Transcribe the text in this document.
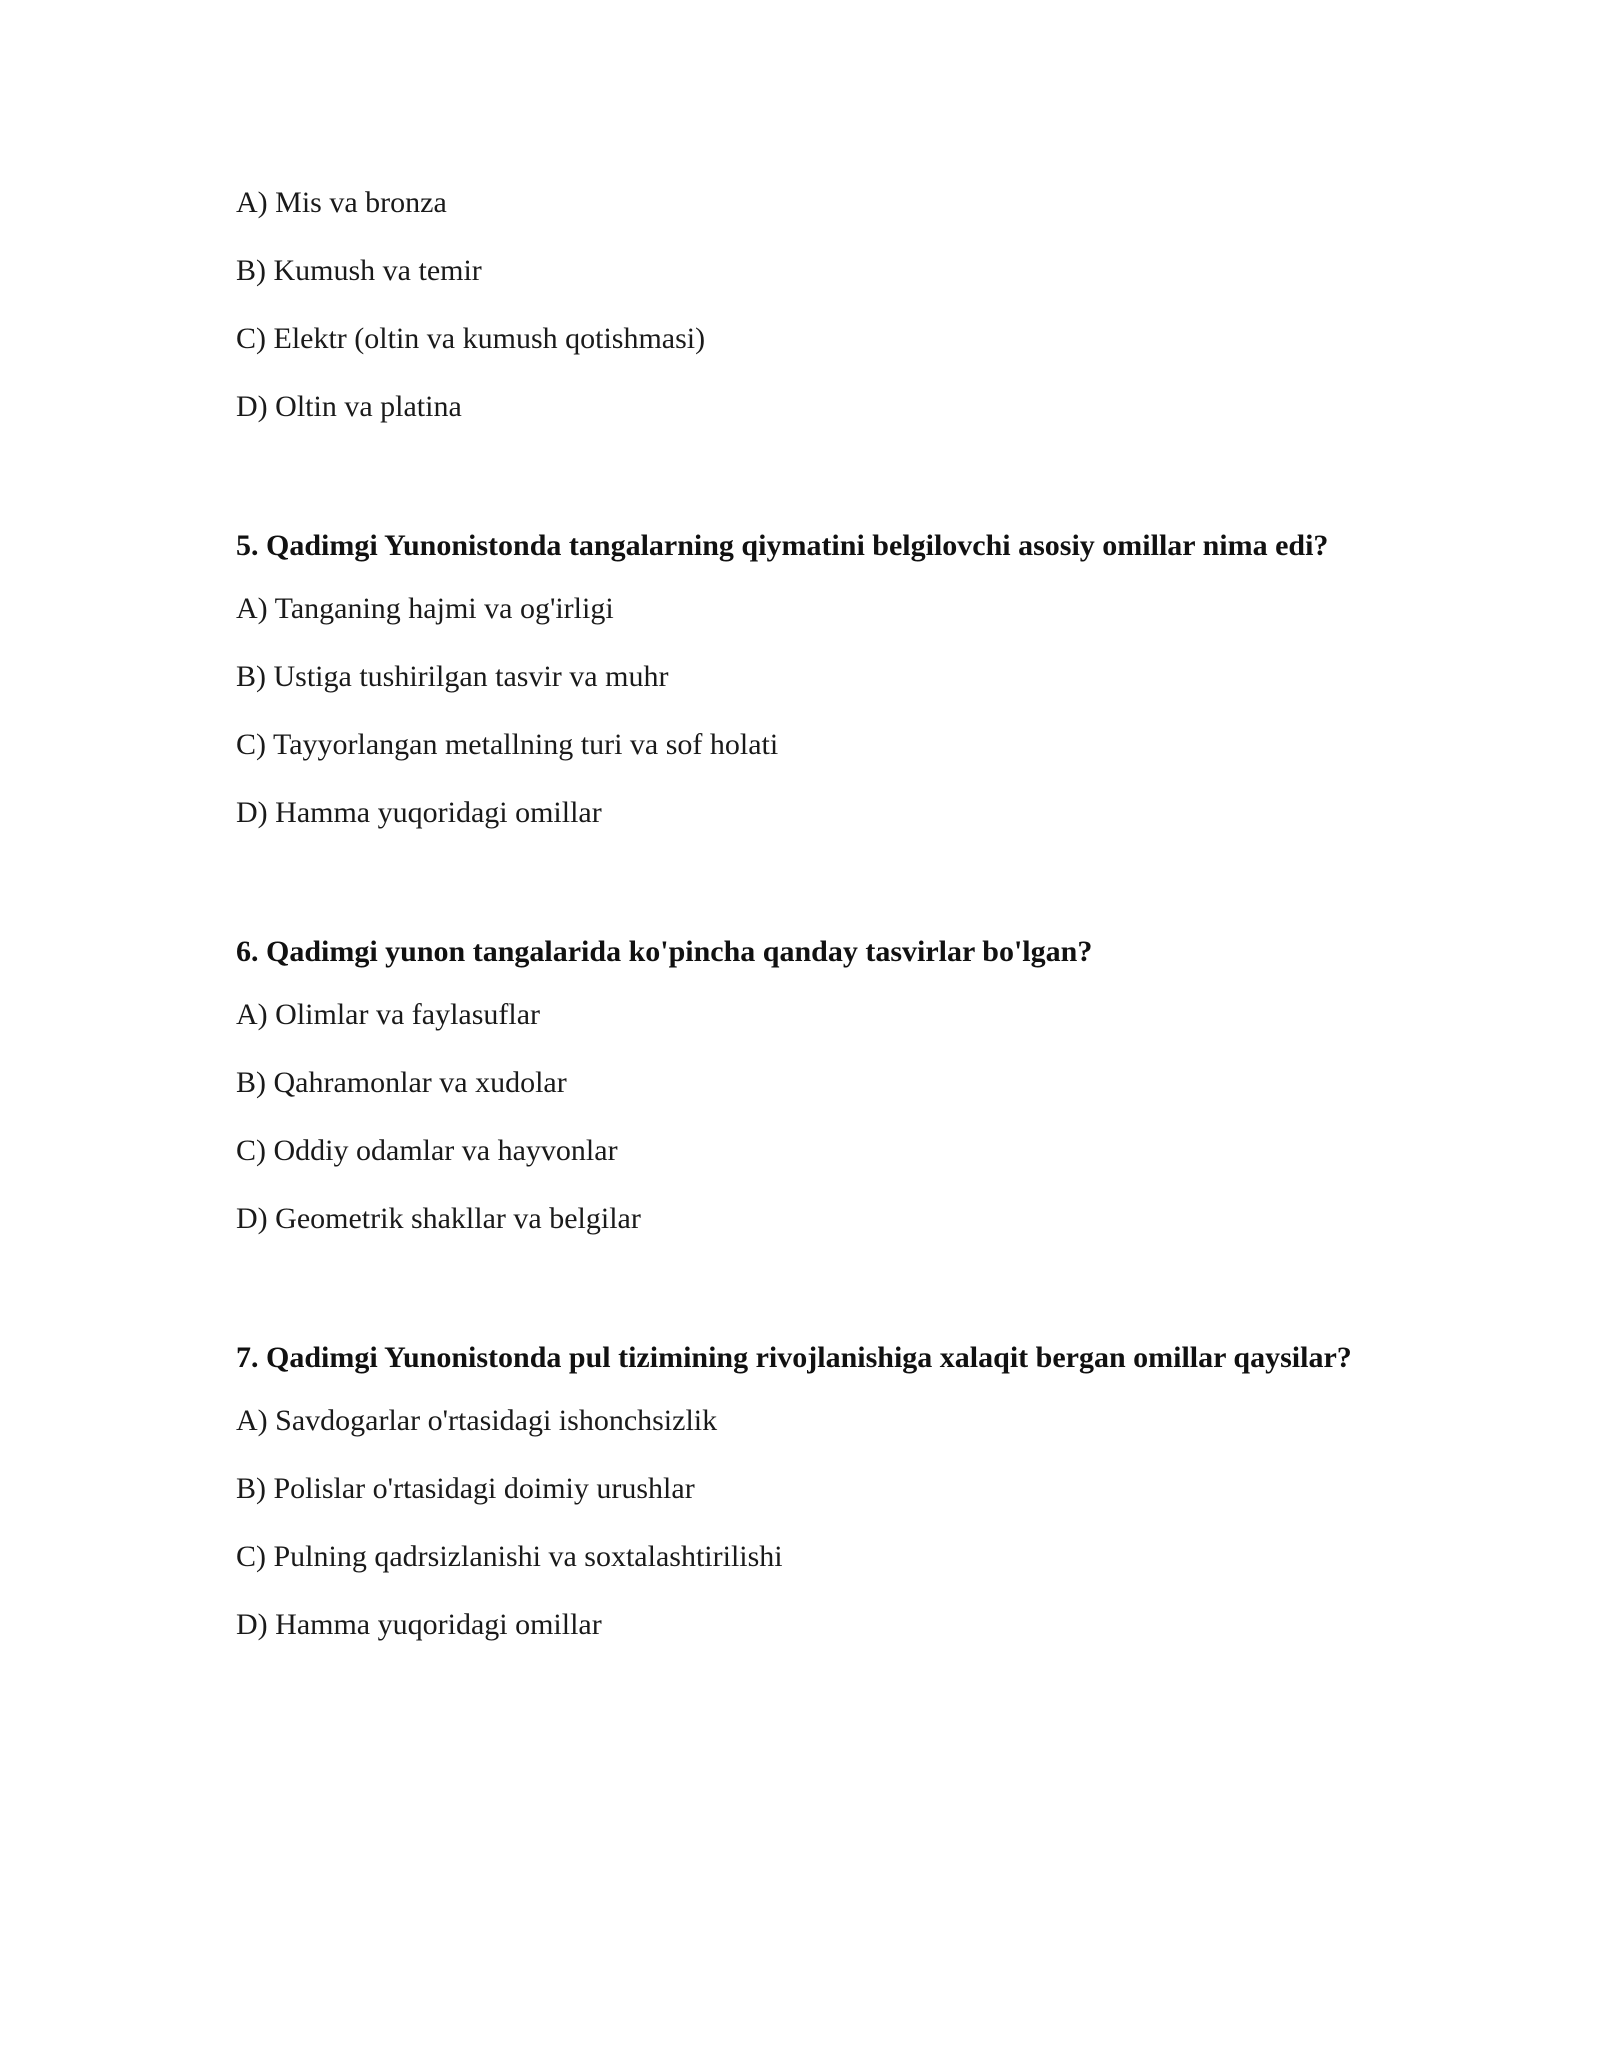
A) Mis va bronza
B) Kumush va temir
C) Elektr (oltin va kumush qotishmasi)
D) Oltin va platina
5. Qadimgi Yunonistonda tangalarning qiymatini belgilovchi asosiy omillar nima edi?
A) Tanganing hajmi va og'irligi
B) Ustiga tushirilgan tasvir va muhr
C) Tayyorlangan metallning turi va sof holati
D) Hamma yuqoridagi omillar
6. Qadimgi yunon tangalarida ko'pincha qanday tasvirlar bo'lgan?
A) Olimlar va faylasuflar
B) Qahramonlar va xudolar
C) Oddiy odamlar va hayvonlar
D) Geometrik shakllar va belgilar
7. Qadimgi Yunonistonda pul tizimining rivojlanishiga xalaqit bergan omillar qaysilar?
A) Savdogarlar o'rtasidagi ishonchsizlik
B) Polislar o'rtasidagi doimiy urushlar
C) Pulning qadrsizlanishi va soxtalashtirilishi
D) Hamma yuqoridagi omillar
